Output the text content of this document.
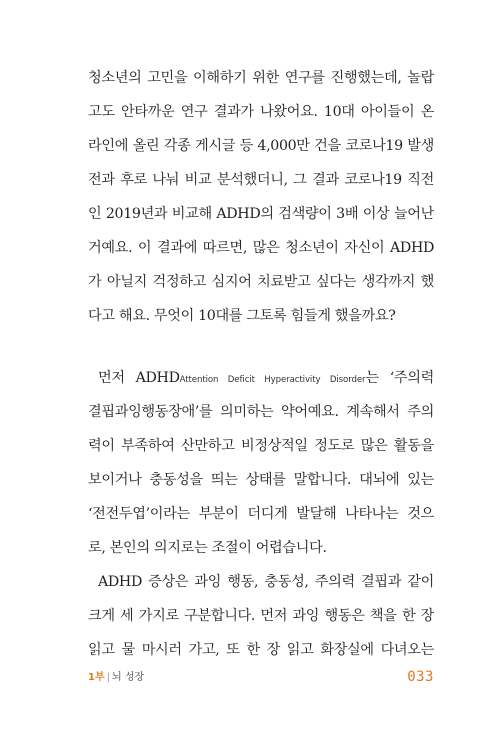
청소년의 고민을 이해하기 위한 연구를 진행했는데, 놀랍
고도 안타까운 연구 결과가 나왔어요. 10대 아이들이 온
라인에 올린 각종 게시글 등 4,000만 건을 코로나19 발생
전과 후로 나눠 비교 분석했더니, 그 결과 코로나19 직전
인 2019년과 비교해 ADHD의 검색량이 3배 이상 늘어난
거예요. 이 결과에 따르면, 많은 청소년이 자신이 ADHD
가 아닐지 걱정하고 심지어 치료받고 싶다는 생각까지 했
다고 해요. 무엇이 10대를 그토록 힘들게 했을까요?
먼저 ADHDAttention Deficit Hyperactivity Disorder는 ‘주의력
결핍과잉행동장애’를 의미하는 약어예요. 계속해서 주의
력이 부족하여 산만하고 비정상적일 정도로 많은 활동을
보이거나 충동성을 띄는 상태를 말합니다. 대뇌에 있는
‘전전두엽’이라는 부분이 더디게 발달해 나타나는 것으
로, 본인의 의지로는 조절이 어렵습니다.
ADHD 증상은 과잉 행동, 충동성, 주의력 결핍과 같이
크게 세 가지로 구분합니다. 먼저 과잉 행동은 책을 한 장
읽고 물 마시러 가고, 또 한 장 읽고 화장실에 다녀오는
1부 | 뇌 성장	033
